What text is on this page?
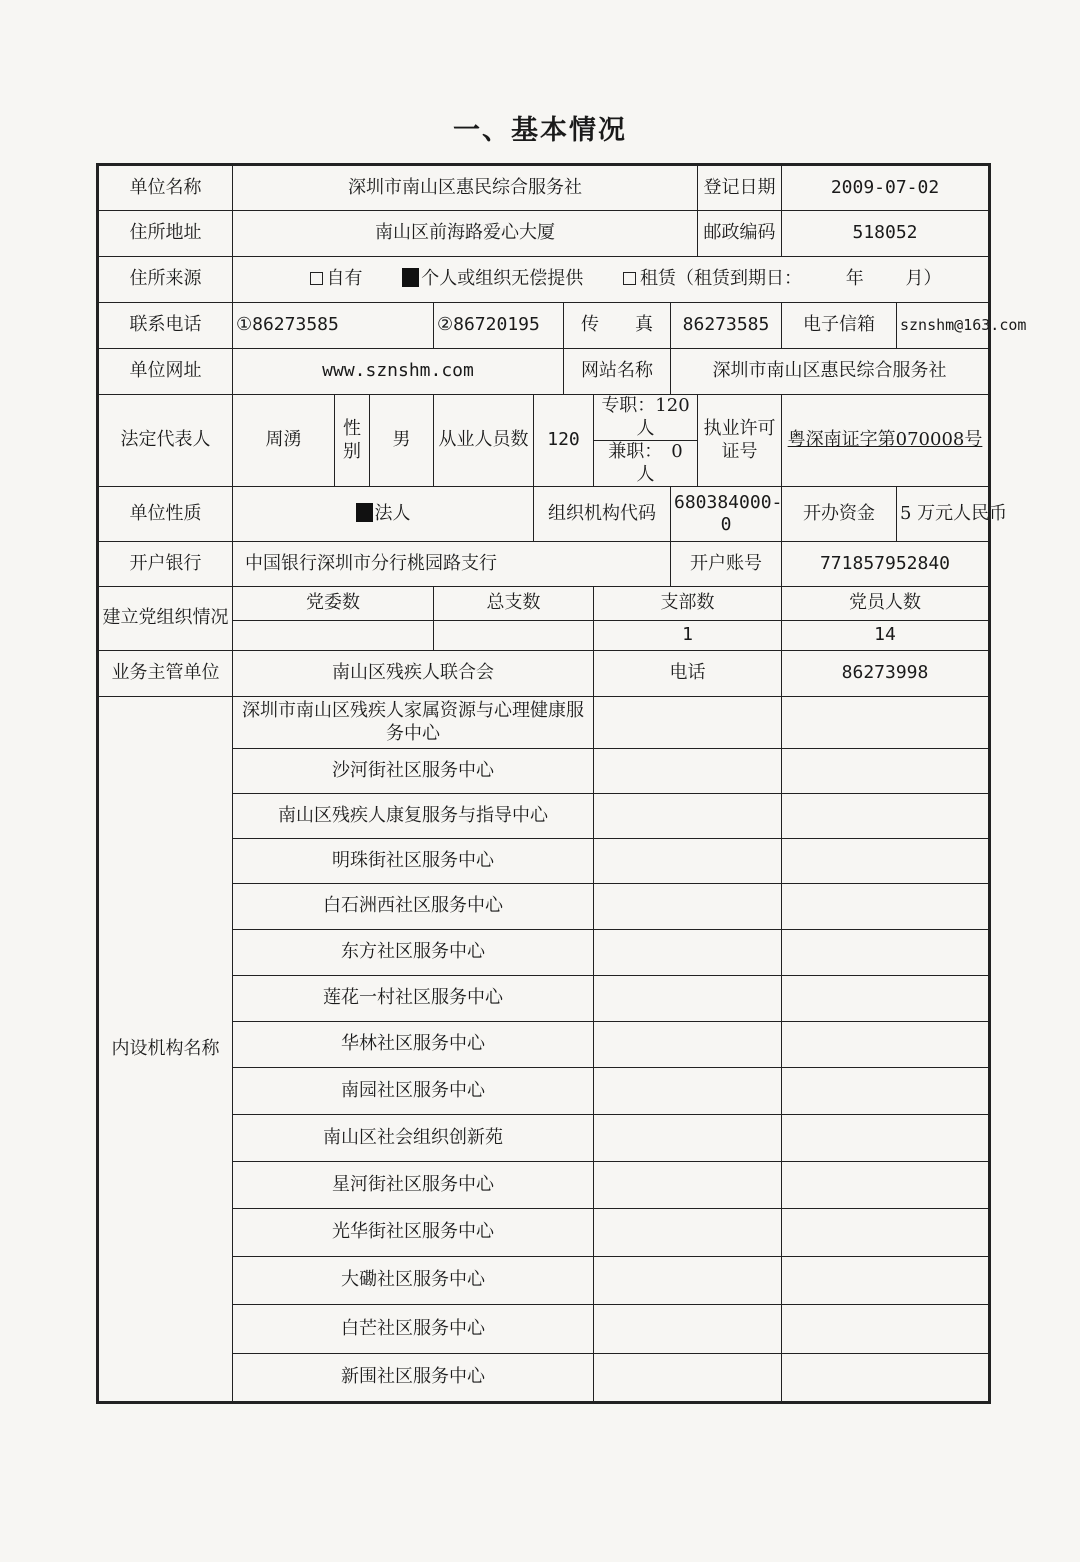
一、基本情况
单位名称	深圳市南山区惠民综合服务社								登记日期	2009-07-02	
住所地址	南山区前海路爱心大厦								邮政编码	518052	
住所来源	自有 个人或组织无偿提供 租赁（租赁到期日： 年 月）										
联系电话	①86273585			②86720195		传　　真		86273585		电子信箱	sznshm@163.com
单位网址	www.sznshm.com					网站名称		深圳市南山区惠民综合服务社			
法定代表人	周湧	性别	男	从业人员数	120		专职：120 人		执业许可证号	粤深南证字第070008号	
							兼职：　0 人				
单位性质	法人				组织机构代码			680384000-0		开办资金	5 万元人民币
开户银行	中国银行深圳市分行桃园路支行							开户账号		771857952840	
建立党组织情况	党委数			总支数			支部数			党员人数	
							1			14	
业务主管单位	南山区残疾人联合会						电话			86273998	
内设机构名称	深圳市南山区残疾人家属资源与心理健康服务中心										
	沙河街社区服务中心										
	南山区残疾人康复服务与指导中心										
	明珠街社区服务中心										
	白石洲西社区服务中心										
	东方社区服务中心										
	莲花一村社区服务中心										
	华林社区服务中心										
	南园社区服务中心										
	南山区社会组织创新苑										
	星河街社区服务中心										
	光华街社区服务中心										
	大磡社区服务中心										
	白芒社区服务中心										
	新围社区服务中心										
